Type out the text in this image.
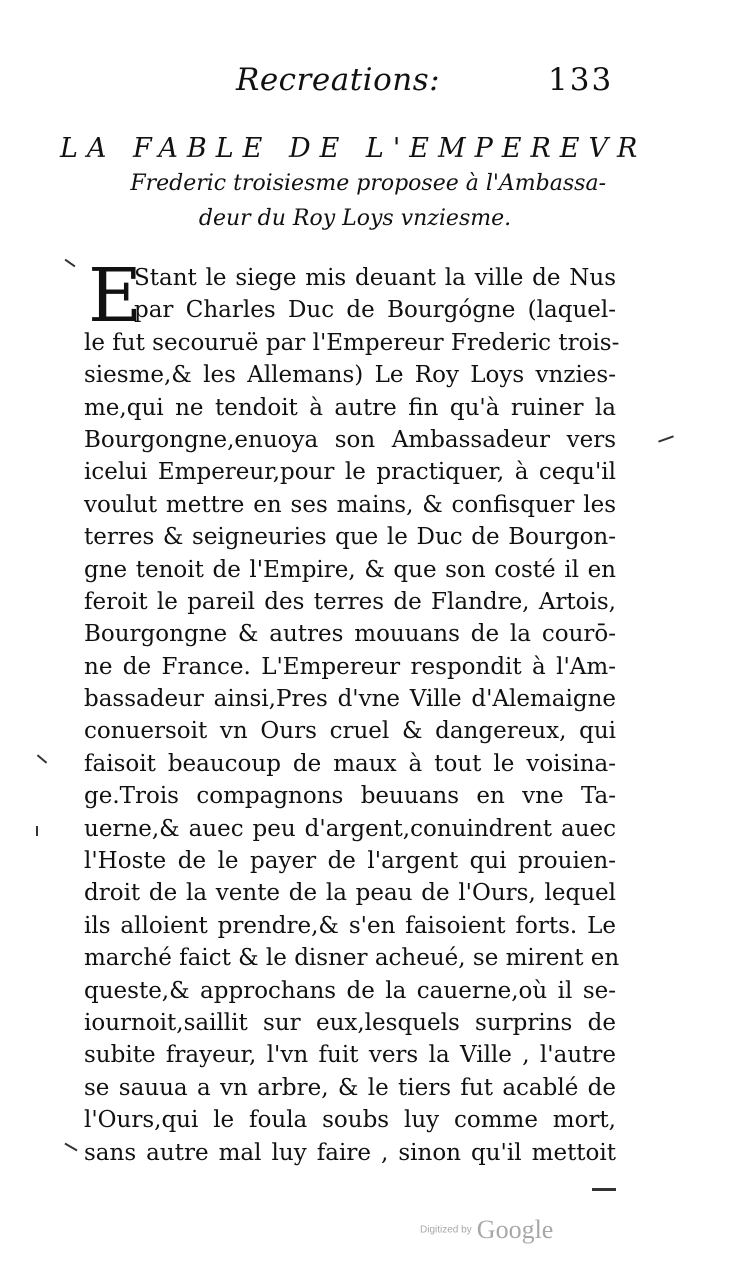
Recreations:	133
LA FABLE DE L'EMPEREVR
Frederic troisiesme proposee à l'Ambassa-
deur du Roy Loys vnziesme.
E
Stant le siege mis deuant la ville de Nus
par Charles Duc de Bourgógne (laquel-
le fut secouruë par l'Empereur Frederic trois-
siesme,& les Allemans) Le Roy Loys vnzies-
me,qui ne tendoit à autre fin qu'à ruiner la
Bourgongne,enuoya son Ambassadeur vers
icelui Empereur,pour le practiquer, à cequ'il
voulut mettre en ses mains, & confisquer les
terres & seigneuries que le Duc de Bourgon-
gne tenoit de l'Empire, & que son costé il en
feroit le pareil des terres de Flandre, Artois,
Bourgongne & autres mouuans de la courō-
ne de France. L'Empereur respondit à l'Am-
bassadeur ainsi,Pres d'vne Ville d'Alemaigne
conuersoit vn Ours cruel & dangereux, qui
faisoit beaucoup de maux à tout le voisina-
ge.Trois compagnons beuuans en vne Ta-
uerne,& auec peu d'argent,conuindrent auec
l'Hoste de le payer de l'argent qui prouien-
droit de la vente de la peau de l'Ours, lequel
ils alloient prendre,& s'en faisoient forts. Le
marché faict & le disner acheué, se mirent en
queste,& approchans de la cauerne,où il se-
iournoit,saillit sur eux,lesquels surprins de
subite frayeur, l'vn fuit vers la Ville , l'autre
se sauua a vn arbre, & le tiers fut acablé de
l'Ours,qui le foula soubs luy comme mort,
sans autre mal luy faire , sinon qu'il mettoit
Digitized by Google
